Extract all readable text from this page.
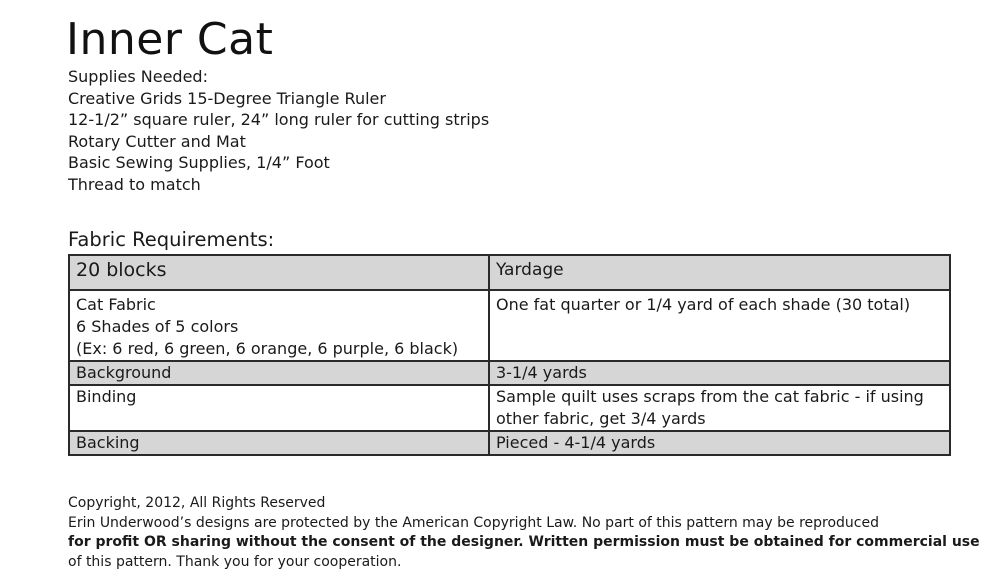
Inner Cat
Supplies Needed:
Creative Grids 15-Degree Triangle Ruler
12-1/2” square ruler, 24” long ruler for cutting strips
Rotary Cutter and Mat
Basic Sewing Supplies, 1/4” Foot
Thread to match
Fabric Requirements:
20 blocks	Yardage

Cat Fabric
6 Shades of 5 colors
(Ex: 6 red, 6 green, 6 orange, 6 purple, 6 black)	One fat quarter or 1/4 yard of each shade (30 total)

Background	3-1/4 yards

Binding	Sample quilt uses scraps from the cat fabric - if using
other fabric, get 3/4 yards

Backing	Pieced - 4-1/4 yards
Copyright, 2012, All Rights Reserved
Erin Underwood’s designs are protected by the American Copyright Law. No part of this pattern may be reproduced
for profit OR sharing without the consent of the designer. Written permission must be obtained for commercial use
of this pattern. Thank you for your cooperation.
